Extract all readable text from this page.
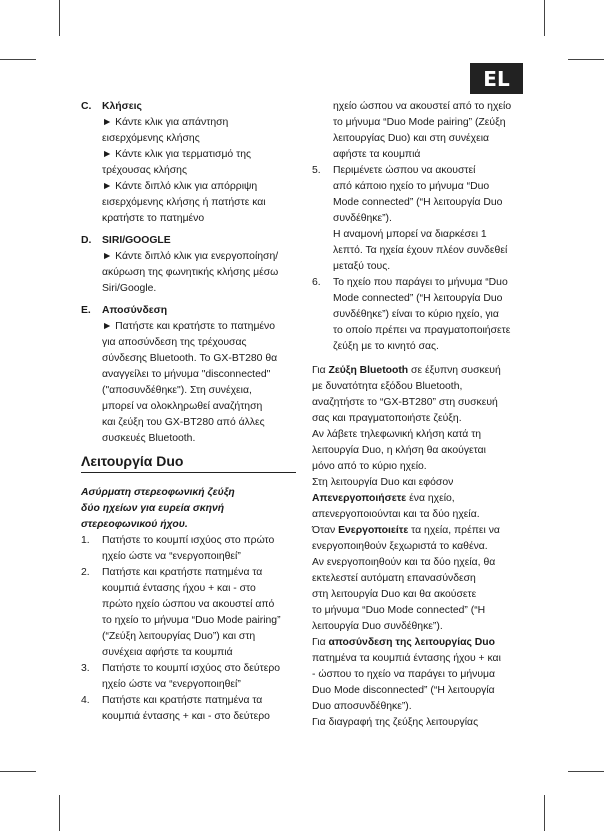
EL
C.	Κλήσεις
► Κάντε κλικ για απάντηση
εισερχόμενης κλήσης
► Κάντε κλικ για τερματισμό της
τρέχουσας κλήσης
► Κάντε διπλό κλικ για απόρριψη
εισερχόμενης κλήσης ή πατήστε και
κρατήστε το πατημένο
D.	SIRI/GOOGLE
► Κάντε διπλό κλικ για ενεργοποίηση/
ακύρωση της φωνητικής κλήσης μέσω
Siri/Google.
E.	Αποσύνδεση
► Πατήστε και κρατήστε το πατημένο
για αποσύνδεση της τρέχουσας
σύνδεσης Bluetooth. Το GX-BT280 θα
αναγγείλει το μήνυμα "disconnected"
("αποσυνδέθηκε"). Στη συνέχεια,
μπορεί να ολοκληρωθεί αναζήτηση
και ζεύξη του GX-BT280 από άλλες
συσκευές Bluetooth.
Λειτουργία Duo
Ασύρματη στερεοφωνική ζεύξη
δύο ηχείων για ευρεία σκηνή
στερεοφωνικού ήχου.
1.	Πατήστε το κουμπί ισχύος στο πρώτο
ηχείο ώστε να “ενεργοποιηθεί”
2.	Πατήστε και κρατήστε πατημένα τα
κουμπιά έντασης ήχου + και - στο
πρώτο ηχείο ώσπου να ακουστεί από
το ηχείο το μήνυμα “Duo Mode pairing”
(“Ζεύξη λειτουργίας Duo”) και στη
συνέχεια αφήστε τα κουμπιά
3.	Πατήστε το κουμπί ισχύος στο δεύτερο
ηχείο ώστε να “ενεργοποιηθεί”
4.	Πατήστε και κρατήστε πατημένα τα
κουμπιά έντασης + και - στο δεύτερο
ηχείο ώσπου να ακουστεί από το ηχείο
το μήνυμα “Duo Mode pairing” (Ζεύξη
λειτουργίας Duo) και στη συνέχεια
αφήστε τα κουμπιά
5.	Περιμένετε ώσπου να ακουστεί
από κάποιο ηχείο το μήνυμα “Duo
Mode connected” (“Η λειτουργία Duo
συνδέθηκε”).
Η αναμονή μπορεί να διαρκέσει 1
λεπτό. Τα ηχεία έχουν πλέον συνδεθεί
μεταξύ τους.
6.	Το ηχείο που παράγει το μήνυμα “Duo
Mode connected” (“Η λειτουργία Duo
συνδέθηκε”) είναι το κύριο ηχείο, για
το οποίο πρέπει να πραγματοποιήσετε
ζεύξη με το κινητό σας.
Για Ζεύξη Bluetooth σε έξυπνη συσκευή
με δυνατότητα εξόδου Bluetooth,
αναζητήστε το “GX-BT280” στη συσκευή
σας και πραγματοποιήστε ζεύξη.
Αν λάβετε τηλεφωνική κλήση κατά τη
λειτουργία Duo, η κλήση θα ακούγεται
μόνο από το κύριο ηχείο.
Στη λειτουργία Duo και εφόσον
Απενεργοποιήσετε ένα ηχείο,
απενεργοποιούνται και τα δύο ηχεία.
Όταν Ενεργοποιείτε τα ηχεία, πρέπει να
ενεργοποιηθούν ξεχωριστά το καθένα.
Αν ενεργοποιηθούν και τα δύο ηχεία, θα
εκτελεστεί αυτόματη επανασύνδεση
στη λειτουργία Duo και θα ακούσετε
το μήνυμα “Duo Mode connected” (“Η
λειτουργία Duo συνδέθηκε”).
Για αποσύνδεση της λειτουργίας Duo
πατημένα τα κουμπιά έντασης ήχου + και
- ώσπου το ηχείο να παράγει το μήνυμα
Duo Mode disconnected” (“Η λειτουργία
Duo αποσυνδέθηκε”).
Για διαγραφή της ζεύξης λειτουργίας
